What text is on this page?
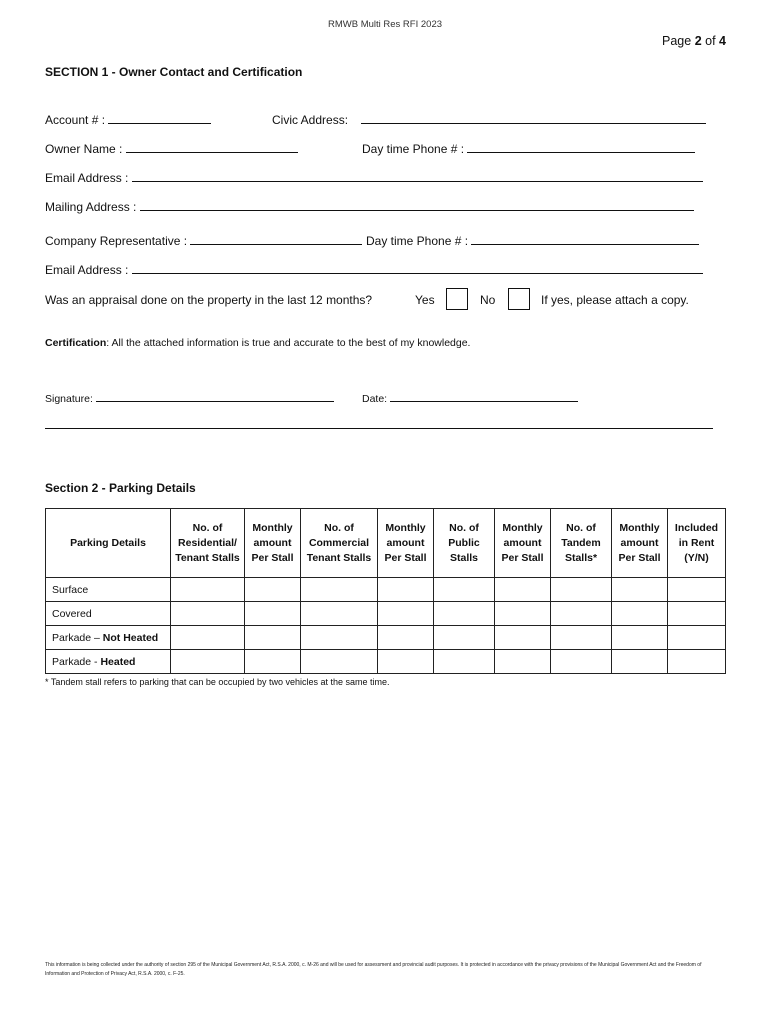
RMWB Multi Res RFI 2023
Page 2 of 4
SECTION 1 - Owner Contact and Certification
Account # :	Civic Address:
Owner Name :	Day time Phone # :
Email Address :
Mailing Address :
Company Representative :	Day time Phone # :
Email Address :
Was an appraisal done on the property in the last 12 months?	Yes	No	If yes, please attach a copy.
Certification: All the attached information is true and accurate to the best of my knowledge.
Signature:	Date:
Section 2 - Parking Details
Parking Details	No. of Residential/ Tenant Stalls	Monthly amount Per Stall	No. of Commercial Tenant Stalls	Monthly amount Per Stall	No. of Public Stalls	Monthly amount Per Stall	No. of Tandem Stalls*	Monthly amount Per Stall	Included in Rent (Y/N)
Surface									
Covered									
Parkade – Not Heated									
Parkade - Heated									
* Tandem stall refers to parking that can be occupied by two vehicles at the same time.
This information is being collected under the authority of section 295 of the Municipal Government Act, R.S.A. 2000, c. M-26 and will be used for assessment and provincial audit purposes. It is protected in accordance with the privacy provisions of the Municipal Government Act and the Freedom of Information and Protection of Privacy Act, R.S.A. 2000, c. F-25.
